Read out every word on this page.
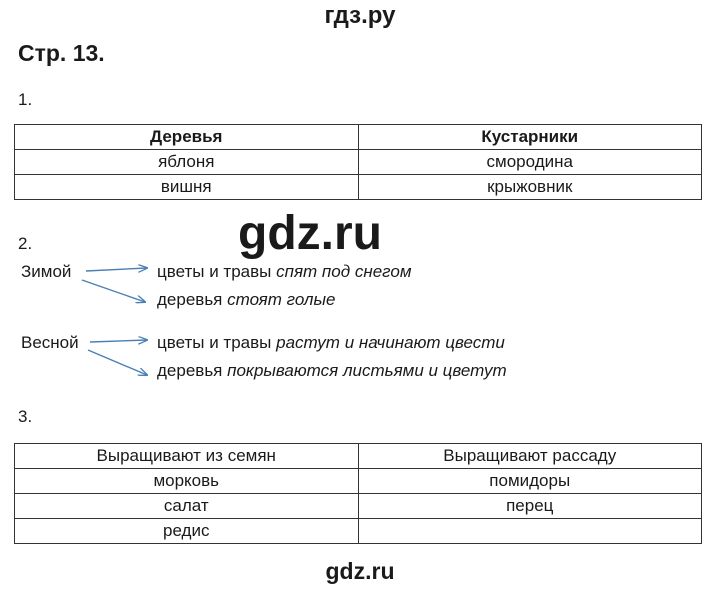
гдз.ру
Стр. 13.
1.
Деревья	Кустарники
яблоня	смородина
вишня	крыжовник
gdz.ru
2.
Зимой	цветы и травы спят под снегом
деревья стоят голые
Весной	цветы и травы растут и начинают цвести
деревья покрываются листьями и цветут
3.
Выращивают из семян	Выращивают рассаду
морковь	помидоры
салат	перец
редис	
gdz.ru
